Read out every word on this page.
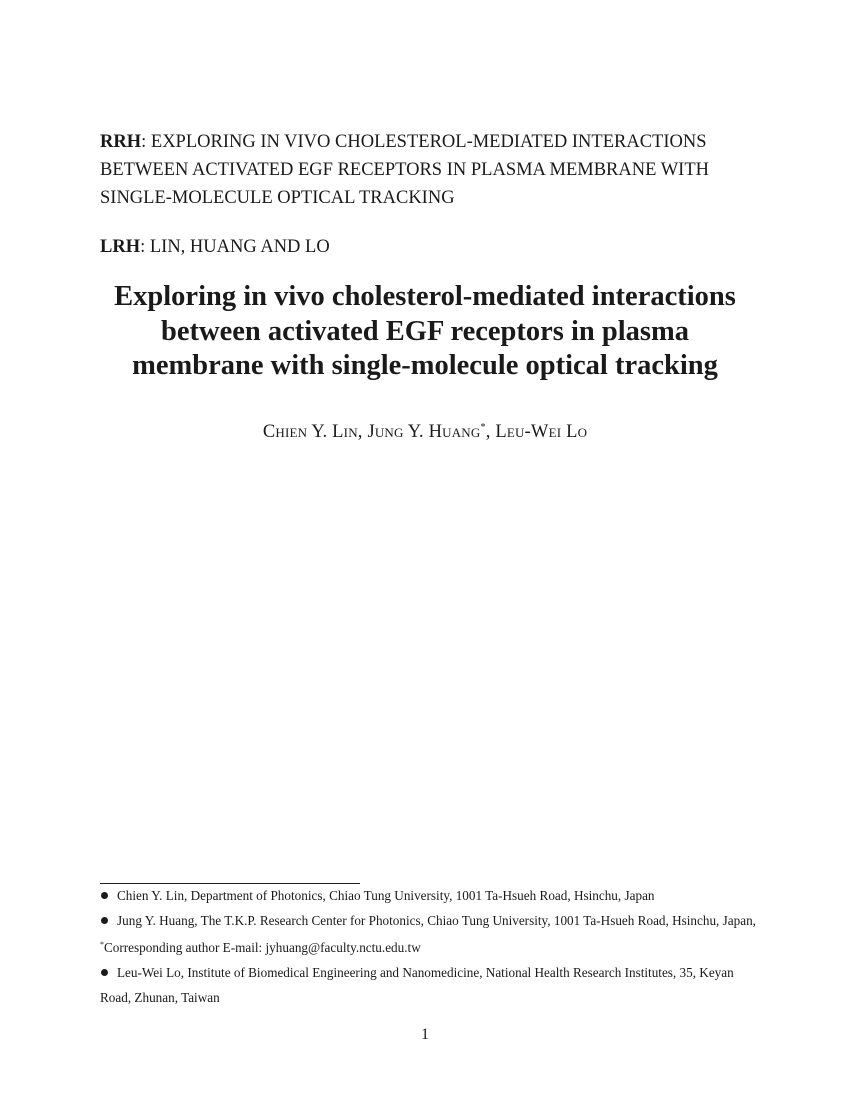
RRH: EXPLORING IN VIVO CHOLESTEROL-MEDIATED INTERACTIONS BETWEEN ACTIVATED EGF RECEPTORS IN PLASMA MEMBRANE WITH SINGLE-MOLECULE OPTICAL TRACKING
LRH: LIN, HUANG AND LO
Exploring in vivo cholesterol-mediated interactions
between activated EGF receptors in plasma
membrane with single-molecule optical tracking
Chien Y. Lin, Jung Y. Huang*, Leu-Wei Lo
Chien Y. Lin, Department of Photonics, Chiao Tung University, 1001 Ta-Hsueh Road, Hsinchu, Japan
Jung Y. Huang, The T.K.P. Research Center for Photonics, Chiao Tung University, 1001 Ta-Hsueh Road, Hsinchu, Japan, *Corresponding author E-mail: jyhuang@faculty.nctu.edu.tw
Leu-Wei Lo, Institute of Biomedical Engineering and Nanomedicine, National Health Research Institutes, 35, Keyan Road, Zhunan, Taiwan
1
